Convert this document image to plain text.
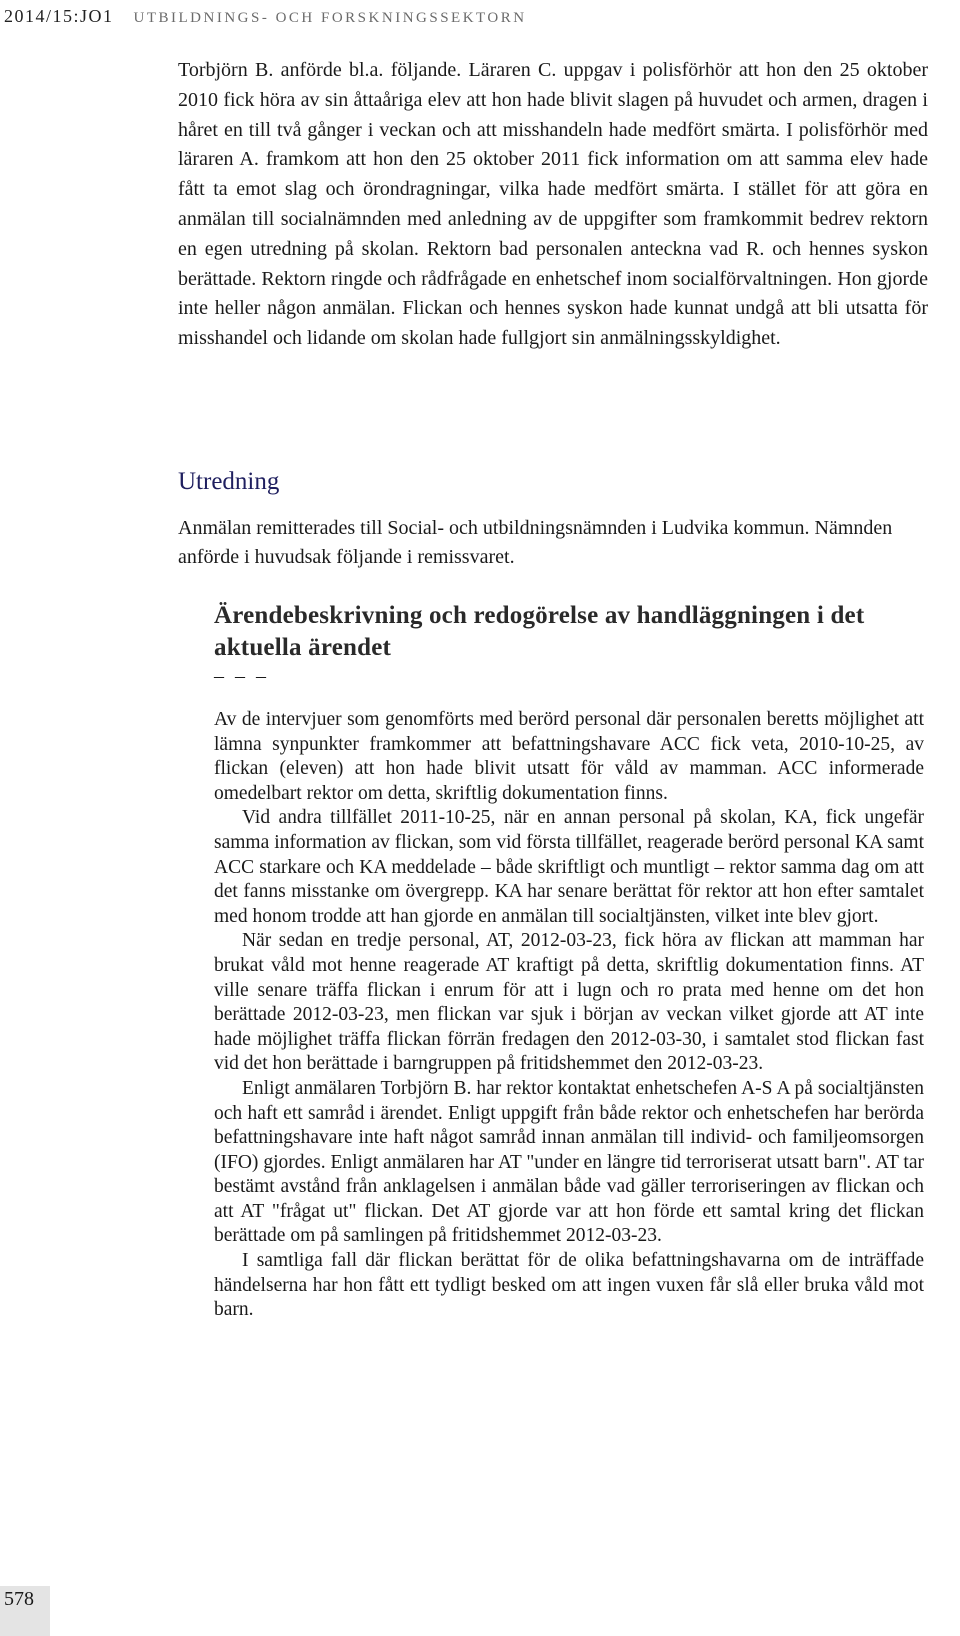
2014/15:JO1 UTBILDNINGS- OCH FORSKNINGSSEKTORN

Torbjörn B. anförde bl.a. följande. Läraren C. uppgav i polisförhör att hon den 25 oktober 2010 fick höra av sin åttaåriga elev att hon hade blivit slagen på huvudet och armen, dragen i håret en till två gånger i veckan och att misshandeln hade medfört smärta. I polisförhör med läraren A. framkom att hon den 25 oktober 2011 fick information om att samma elev hade fått ta emot slag och örondragningar, vilka hade medfört smärta. I stället för att göra en anmälan till socialnämnden med anledning av de uppgifter som framkommit bedrev rektorn en egen utredning på skolan. Rektorn bad personalen anteckna vad R. och hennes syskon berättade. Rektorn ringde och rådfrågade en enhetschef inom socialförvaltningen. Hon gjorde inte heller någon anmälan. Flickan och hennes syskon hade kunnat undgå att bli utsatta för misshandel och lidande om skolan hade fullgjort sin anmälningsskyldighet.

Utredning

Anmälan remitterades till Social- och utbildningsnämnden i Ludvika kommun. Nämnden anförde i huvudsak följande i remissvaret.

Ärendebeskrivning och redogörelse av handläggningen i det aktuella ärendet

– – –

Av de intervjuer som genomförts med berörd personal där personalen beretts möjlighet att lämna synpunkter framkommer att befattningshavare ACC fick veta, 2010-10-25, av flickan (eleven) att hon hade blivit utsatt för våld av mamman. ACC informerade omedelbart rektor om detta, skriftlig dokumentation finns.

Vid andra tillfället 2011-10-25, när en annan personal på skolan, KA, fick ungefär samma information av flickan, som vid första tillfället, reagerade berörd personal KA samt ACC starkare och KA meddelade – både skriftligt och muntligt – rektor samma dag om att det fanns misstanke om övergrepp. KA har senare berättat för rektor att hon efter samtalet med honom trodde att han gjorde en anmälan till socialtjänsten, vilket inte blev gjort.

När sedan en tredje personal, AT, 2012-03-23, fick höra av flickan att mamman har brukat våld mot henne reagerade AT kraftigt på detta, skriftlig dokumentation finns. AT ville senare träffa flickan i enrum för att i lugn och ro prata med henne om det hon berättade 2012-03-23, men flickan var sjuk i början av veckan vilket gjorde att AT inte hade möjlighet träffa flickan förrän fredagen den 2012-03-30, i samtalet stod flickan fast vid det hon berättade i barngruppen på fritidshemmet den 2012-03-23.

Enligt anmälaren Torbjörn B. har rektor kontaktat enhetschefen A-S A på socialtjänsten och haft ett samråd i ärendet. Enligt uppgift från både rektor och enhetschefen har berörda befattningshavare inte haft något samråd innan anmälan till individ- och familjeomsorgen (IFO) gjordes. Enligt anmälaren har AT "under en längre tid terroriserat utsatt barn". AT tar bestämt avstånd från anklagelsen i anmälan både vad gäller terroriseringen av flickan och att AT "frågat ut" flickan. Det AT gjorde var att hon förde ett samtal kring det flickan berättade om på samlingen på fritidshemmet 2012-03-23.

I samtliga fall där flickan berättat för de olika befattningshavarna om de inträffade händelserna har hon fått ett tydligt besked om att ingen vuxen får slå eller bruka våld mot barn.

578
